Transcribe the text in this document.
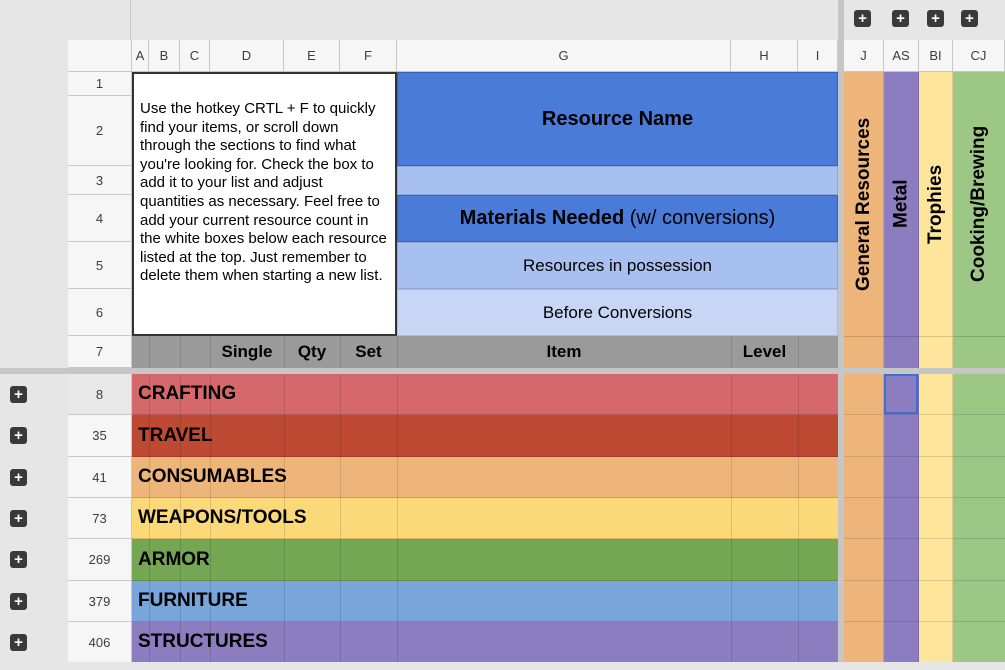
+ + + +
A	B	C	D	E	F	G	H	I	J	AS	BI	CJ
1
2
3
4
5
6
7
Use the hotkey CRTL + F to quickly find your items, or scroll down through the sections to find what you're looking for. Check the box to add it to your list and adjust quantities as necessary. Feel free to add your current resource count in the white boxes below each resource listed at the top. Just remember to delete them when starting a new list.
Resource Name
Materials Needed (w/ conversions)
Resources in possession
Before Conversions
Single	Qty	Set	Item	Level
General Resources Metal Trophies	Cooking/Brewing
+	8	CRAFTING
+	35	TRAVEL
+	41	CONSUMABLES
+	73	WEAPONS/TOOLS
+	269	ARMOR
+	379	FURNITURE
+	406	STRUCTURES
